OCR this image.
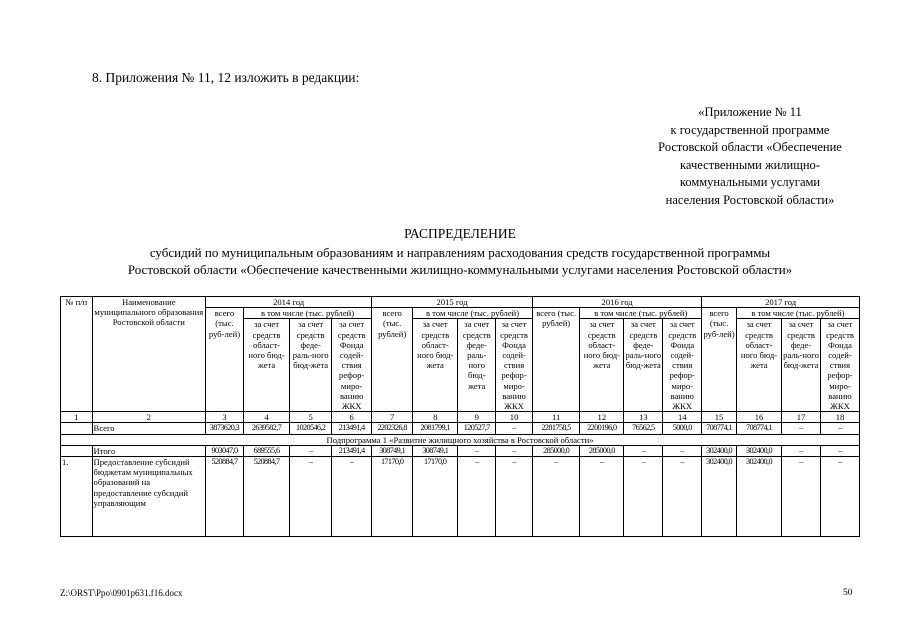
8. Приложения № 11, 12 изложить в редакции:
«Приложение № 11
к государственной программе
Ростовской области «Обеспечение
качественными жилищно-
коммунальными услугами
населения Ростовской области»
РАСПРЕДЕЛЕНИЕ
субсидий по муниципальным образованиям и направлениям расходования средств государственной программы
Ростовской области «Обеспечение качественными жилищно-коммунальными услугами населения Ростовской области»
№ п/п	Наименование муниципального образования Ростовской области	2014 год				2015 год				2016 год				2017 год			
		всего (тыс. руб-лей)	в том числе (тыс. рублей)			всего (тыс. рублей)	в том числе (тыс. рублей)			всего (тыс. рублей)	в том числе (тыс. рублей)			всего (тыс. руб-лей)	в том числе (тыс. рублей)		
			за счет средств област-ного бюд-жета	за счет средств феде-раль-ного бюд-жета	за счет средств Фонда содей-ствия рефор-миро-ванию ЖКХ		за счет средств област-ного бюд-жета	за счет средств феде-раль-ного бюд-жета	за счет средств Фонда содей-ствия рефор-миро-ванию ЖКХ		за счет средств област-ного бюд-жета	за счет средств феде-раль-ного бюд-жета	за счет средств Фонда содей-ствия рефор-миро-ванию ЖКХ		за счет средств област-ного бюд-жета	за счет средств феде-раль-ного бюд-жета	за счет средств Фонда содей-ствия рефор-миро-ванию ЖКХ
1	2	3	4	5	6	7	8	9	10	11	12	13	14	15	16	17	18
	Всего	3873620,3	2639582,7	1020546,2	213491,4	2202326,8	2081799,1	120527,7	–	2281758,5	2200196,0	76562,5	5000,0	708774,1	708774,1	–	–
Подпрограмма 1 «Развитие жилищного хозяйства в Ростовской области»																	
	Итого	903047,0	689555,6	–	213491,4	308749,1	308749,1	–	–	285000,0	285000,0	–	–	302400,0	302400,0	–	–
1.	Предоставление субсидий бюджетам муниципальных образований на предоставление субсидий управляющим	520884,7	520884,7	–	–	17170,0	17170,0	–	–	–	–	–	–	302400,0	302400,0	–	–
Z:\ORST\Ppo\0901p631.f16.docx	50
